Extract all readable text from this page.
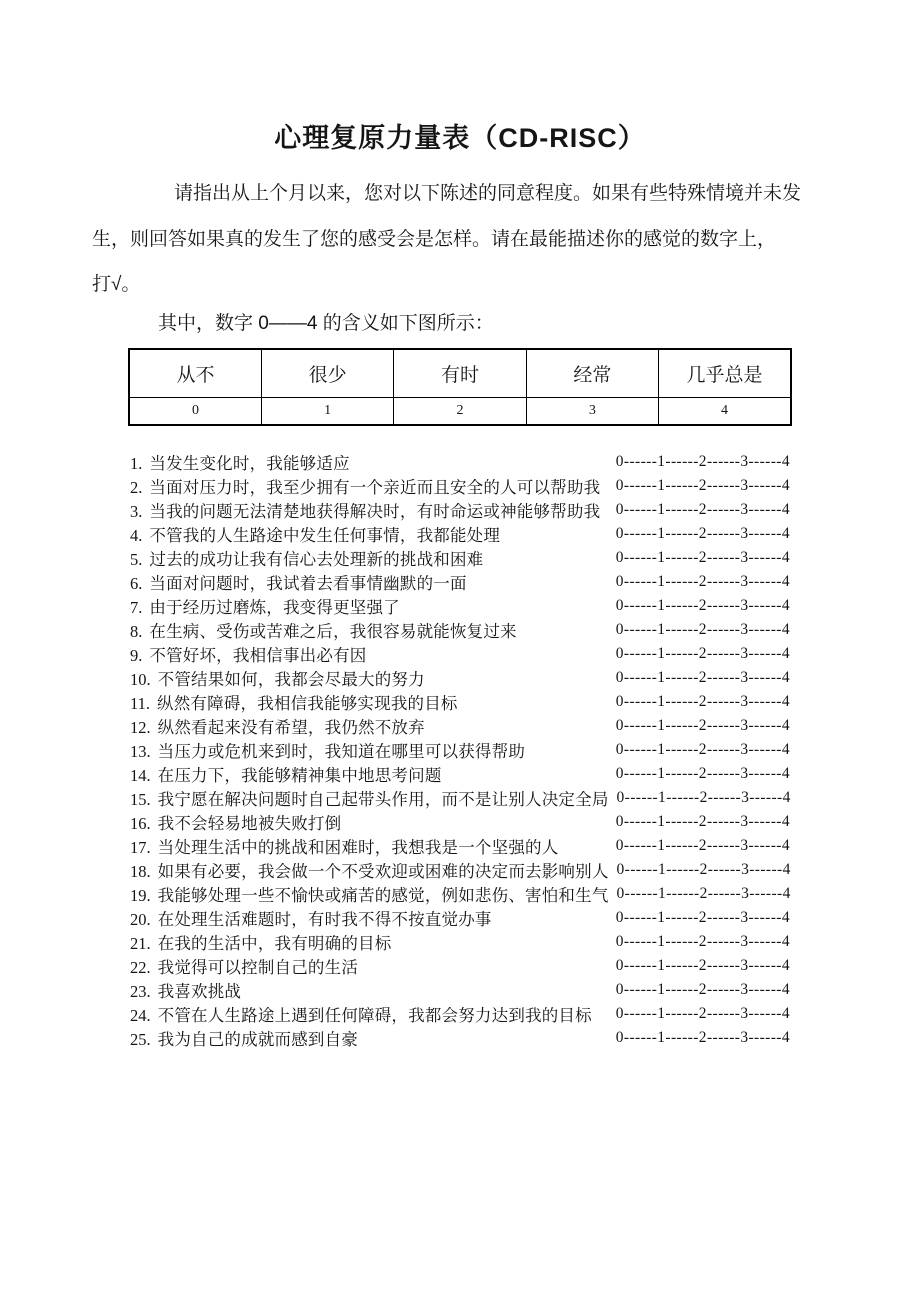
心理复原力量表（CD-RISC）
请指出从上个月以来，您对以下陈述的同意程度。如果有些特殊情境并未发
生，则回答如果真的发生了您的感受会是怎样。请在最能描述你的感觉的数字上，
打√。
其中，数字 0——4 的含义如下图所示：
从不	很少	有时	经常	几乎总是
0	1	2	3	4
1. 当发生变化时，我能够适应	0------1------2------3------4
2. 当面对压力时，我至少拥有一个亲近而且安全的人可以帮助我 0------1------2------3------4
3. 当我的问题无法清楚地获得解决时，有时命运或神能够帮助我 0------1------2------3------4
4. 不管我的人生路途中发生任何事情，我都能处理	0------1------2------3------4
5. 过去的成功让我有信心去处理新的挑战和困难	0------1------2------3------4
6. 当面对问题时，我试着去看事情幽默的一面	0------1------2------3------4
7. 由于经历过磨炼，我变得更坚强了	0------1------2------3------4
8. 在生病、受伤或苦难之后，我很容易就能恢复过来	0------1------2------3------4
9. 不管好坏，我相信事出必有因	0------1------2------3------4
10. 不管结果如何，我都会尽最大的努力	0------1------2------3------4
11. 纵然有障碍，我相信我能够实现我的目标	0------1------2------3------4
12. 纵然看起来没有希望，我仍然不放弃	0------1------2------3------4
13. 当压力或危机来到时，我知道在哪里可以获得帮助	0------1------2------3------4
14. 在压力下，我能够精神集中地思考问题	0------1------2------3------4
15. 我宁愿在解决问题时自己起带头作用，而不是让别人决定全局 0------1------2------3------4
16. 我不会轻易地被失败打倒	0------1------2------3------4
17. 当处理生活中的挑战和困难时，我想我是一个坚强的人	0------1------2------3------4
18. 如果有必要，我会做一个不受欢迎或困难的决定而去影响别人 0------1------2------3------4
19. 我能够处理一些不愉快或痛苦的感觉，例如悲伤、害怕和生气 0------1------2------3------4
20. 在处理生活难题时，有时我不得不按直觉办事	0------1------2------3------4
21. 在我的生活中，我有明确的目标	0------1------2------3------4
22. 我觉得可以控制自己的生活	0------1------2------3------4
23. 我喜欢挑战	0------1------2------3------4
24. 不管在人生路途上遇到任何障碍，我都会努力达到我的目标 0------1------2------3------4
25. 我为自己的成就而感到自豪	0------1------2------3------4
